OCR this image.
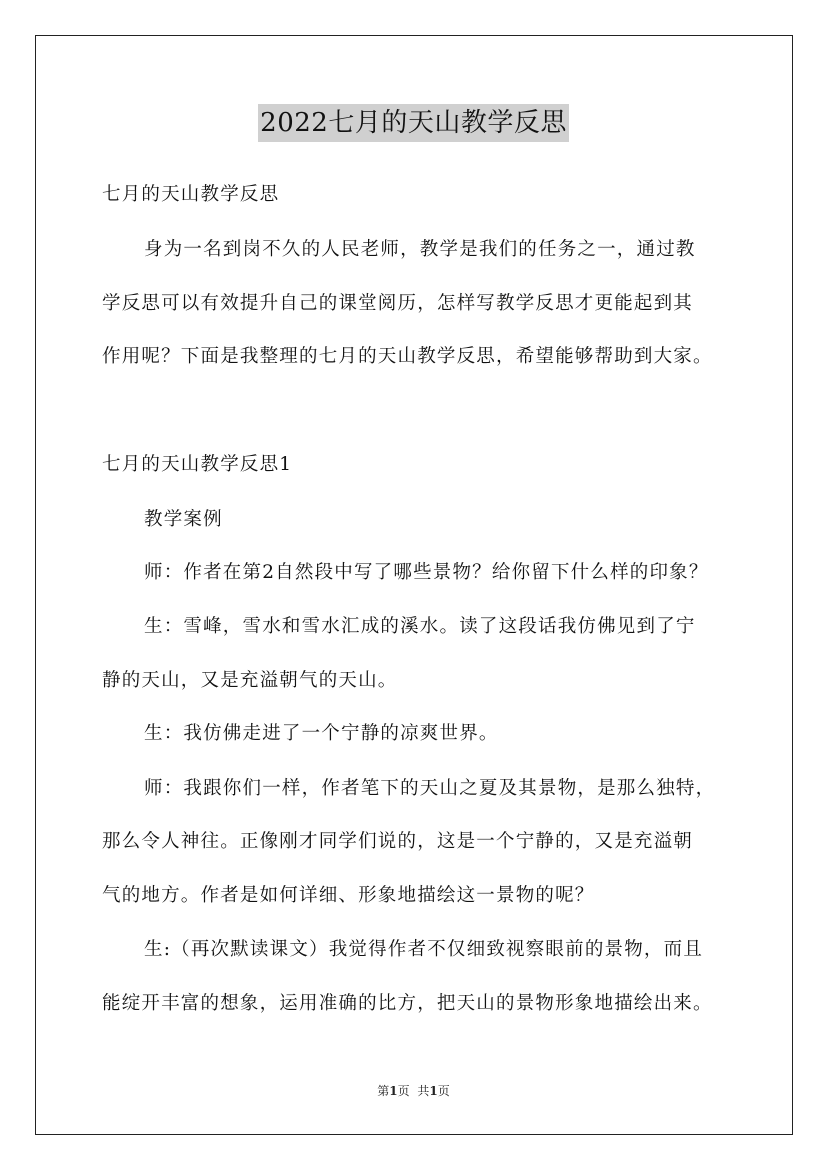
2022七月的天山教学反思
七月的天山教学反思
身为一名到岗不久的人民老师，教学是我们的任务之一，通过教
学反思可以有效提升自己的课堂阅历，怎样写教学反思才更能起到其
作用呢？下面是我整理的七月的天山教学反思，希望能够帮助到大家。
七月的天山教学反思1
教学案例
师：作者在第2自然段中写了哪些景物？给你留下什么样的印象？
生：雪峰，雪水和雪水汇成的溪水。读了这段话我仿佛见到了宁
静的天山，又是充溢朝气的天山。
生：我仿佛走进了一个宁静的凉爽世界。
师：我跟你们一样，作者笔下的天山之夏及其景物，是那么独特，
那么令人神往。正像刚才同学们说的，这是一个宁静的，又是充溢朝
气的地方。作者是如何详细、形象地描绘这一景物的呢？
生:（再次默读课文）我觉得作者不仅细致视察眼前的景物，而且
能绽开丰富的想象，运用准确的比方，把天山的景物形象地描绘出来。
第1页 共1页
